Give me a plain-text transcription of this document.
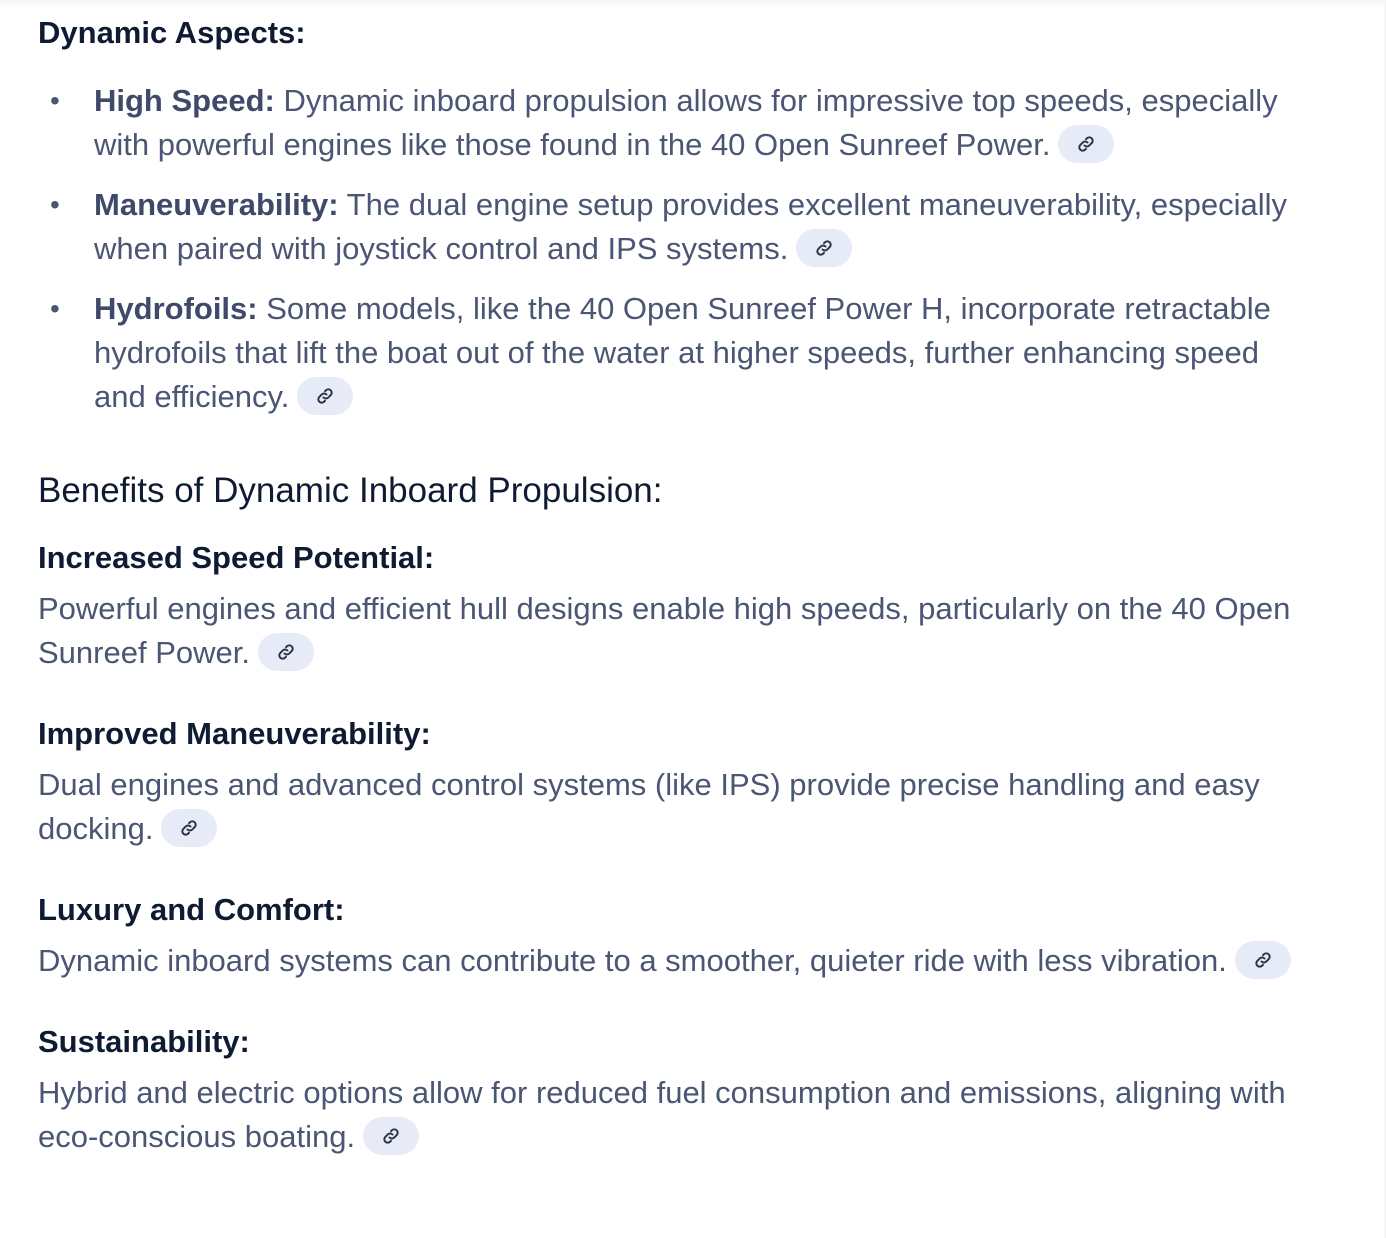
Dynamic Aspects:
• High Speed: Dynamic inboard propulsion allows for impressive top speeds, especially with powerful engines like those found in the 40 Open Sunreef Power.
• Maneuverability: The dual engine setup provides excellent maneuverability, especially when paired with joystick control and IPS systems.
• Hydrofoils: Some models, like the 40 Open Sunreef Power H, incorporate retractable hydrofoils that lift the boat out of the water at higher speeds, further enhancing speed and efficiency.
Benefits of Dynamic Inboard Propulsion:
Increased Speed Potential:

Powerful engines and efficient hull designs enable high speeds, particularly on the 40 Open Sunreef Power.

Improved Maneuverability:

Dual engines and advanced control systems (like IPS) provide precise handling and easy docking.

Luxury and Comfort:

Dynamic inboard systems can contribute to a smoother, quieter ride with less vibration.

Sustainability:

Hybrid and electric options allow for reduced fuel consumption and emissions, aligning with eco-conscious boating.
